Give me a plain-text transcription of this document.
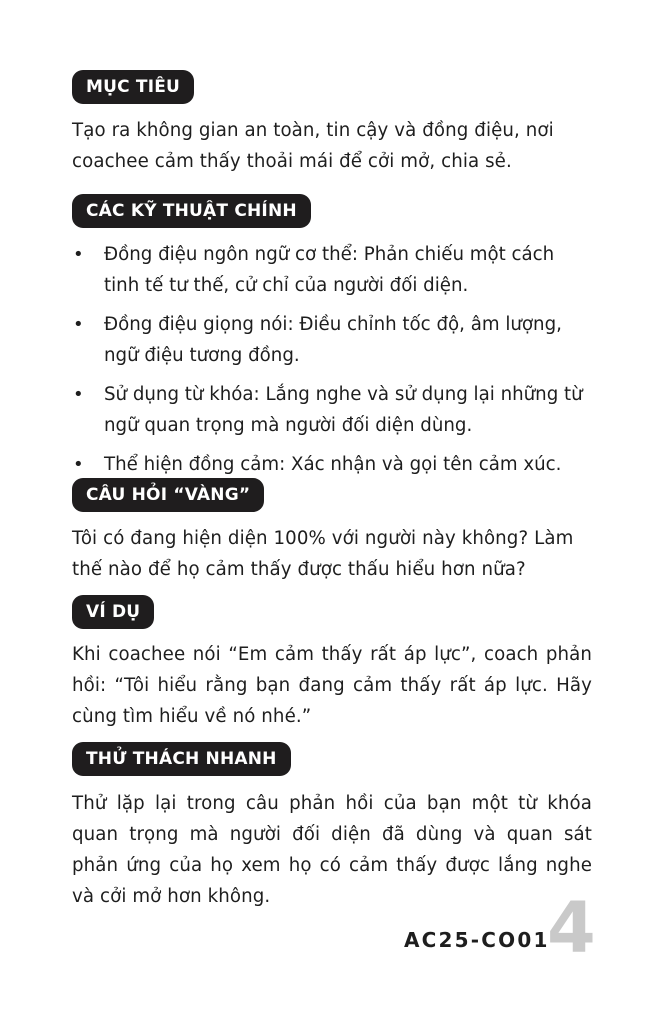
MỤC TIÊU
Tạo ra không gian an toàn, tin cậy và đồng điệu, nơi coachee cảm thấy thoải mái để cởi mở, chia sẻ.
CÁC KỸ THUẬT CHÍNH
• Đồng điệu ngôn ngữ cơ thể: Phản chiếu một cách tinh tế tư thế, cử chỉ của người đối diện.
• Đồng điệu giọng nói: Điều chỉnh tốc độ, âm lượng, ngữ điệu tương đồng.
• Sử dụng từ khóa: Lắng nghe và sử dụng lại những từ ngữ quan trọng mà người đối diện dùng.
• Thể hiện đồng cảm: Xác nhận và gọi tên cảm xúc.
CÂU HỎI “VÀNG”
Tôi có đang hiện diện 100% với người này không? Làm thế nào để họ cảm thấy được thấu hiểu hơn nữa?
VÍ DỤ
Khi coachee nói “Em cảm thấy rất áp lực”, coach phản hồi: “Tôi hiểu rằng bạn đang cảm thấy rất áp lực. Hãy cùng tìm hiểu về nó nhé.”
THỬ THÁCH NHANH
Thử lặp lại trong câu phản hồi của bạn một từ khóa quan trọng mà người đối diện đã dùng và quan sát phản ứng của họ xem họ có cảm thấy được lắng nghe và cởi mở hơn không.
AC25-CO01
4
